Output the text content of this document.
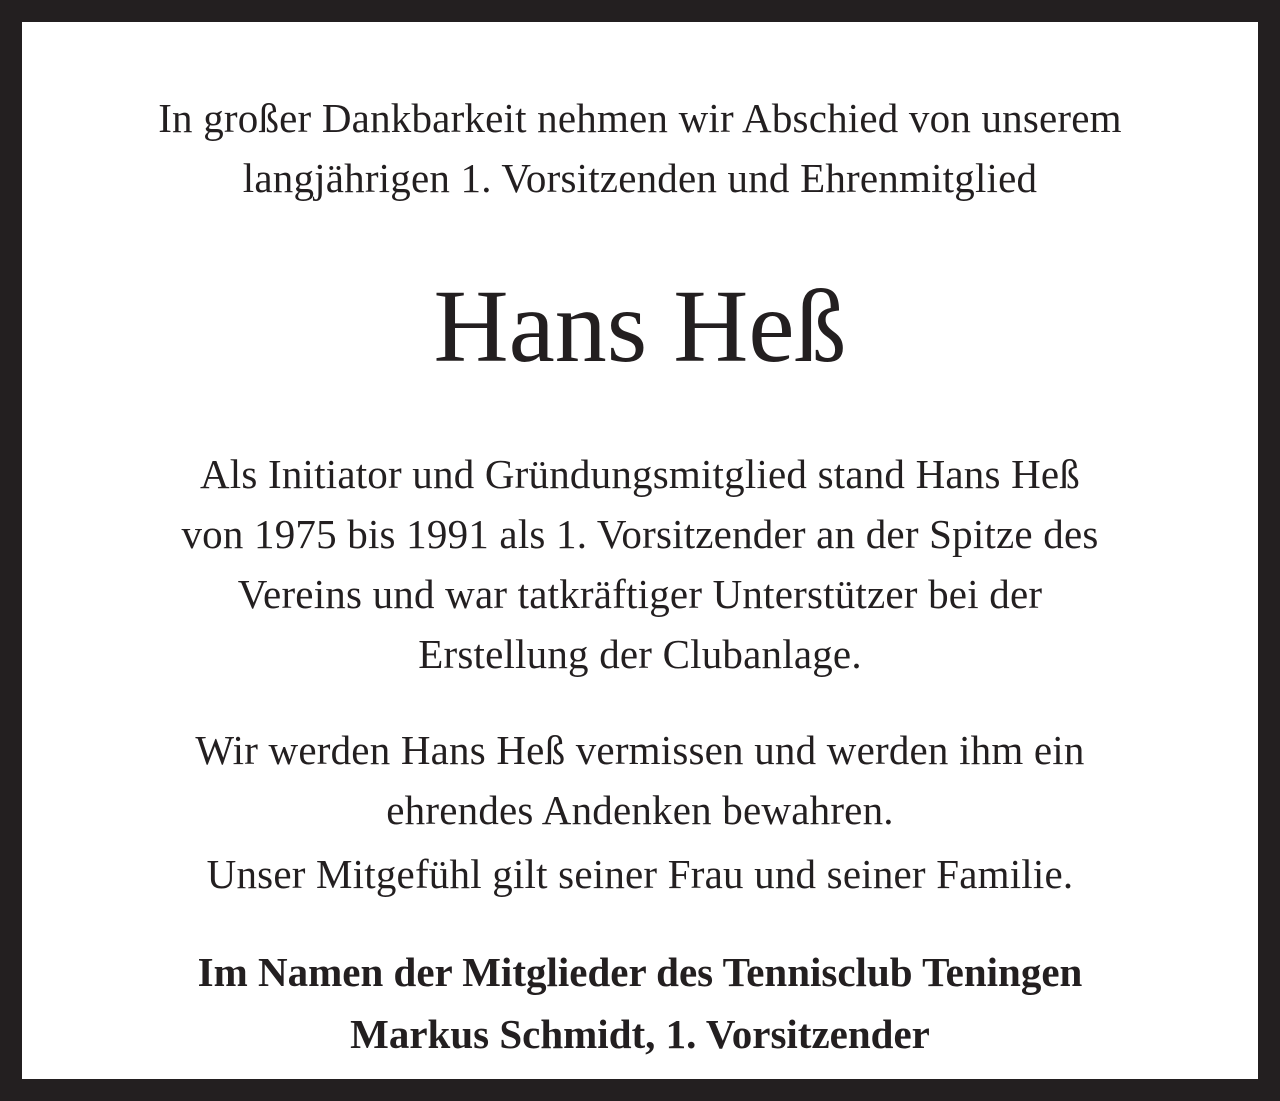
In großer Dankbarkeit nehmen wir Abschied von unserem
langjährigen 1. Vorsitzenden und Ehrenmitglied
Hans Heß
Als Initiator und Gründungsmitglied stand Hans Heß
von 1975 bis 1991 als 1. Vorsitzender an der Spitze des
Vereins und war tatkräftiger Unterstützer bei der
Erstellung der Clubanlage.
Wir werden Hans Heß vermissen und werden ihm ein
ehrendes Andenken bewahren.
Unser Mitgefühl gilt seiner Frau und seiner Familie.
Im Namen der Mitglieder des Tennisclub Teningen
Markus Schmidt, 1. Vorsitzender
